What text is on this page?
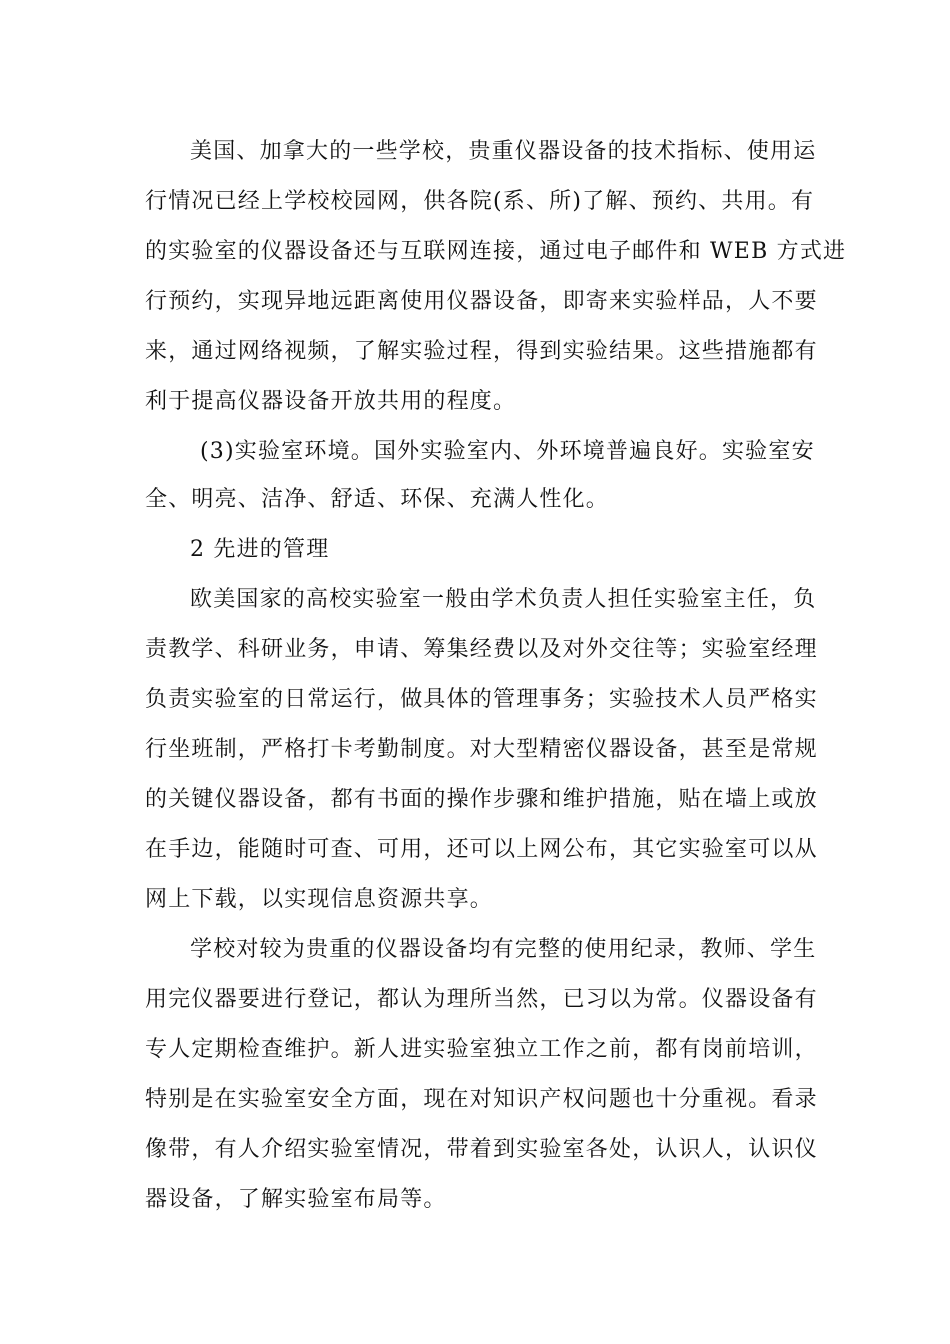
美国、加拿大的一些学校，贵重仪器设备的技术指标、使用运
行情况已经上学校校园网，供各院(系、所)了解、预约、共用。有
的实验室的仪器设备还与互联网连接，通过电子邮件和 WEB 方式进
行预约，实现异地远距离使用仪器设备，即寄来实验样品，人不要
来，通过网络视频，了解实验过程，得到实验结果。这些措施都有
利于提高仪器设备开放共用的程度。
(3)实验室环境。国外实验室内、外环境普遍良好。实验室安
全、明亮、洁净、舒适、环保、充满人性化。
2 先进的管理
欧美国家的高校实验室一般由学术负责人担任实验室主任，负
责教学、科研业务，申请、筹集经费以及对外交往等；实验室经理
负责实验室的日常运行，做具体的管理事务；实验技术人员严格实
行坐班制，严格打卡考勤制度。对大型精密仪器设备，甚至是常规
的关键仪器设备，都有书面的操作步骤和维护措施，贴在墙上或放
在手边，能随时可查、可用，还可以上网公布，其它实验室可以从
网上下载，以实现信息资源共享。
学校对较为贵重的仪器设备均有完整的使用纪录，教师、学生
用完仪器要进行登记，都认为理所当然，已习以为常。仪器设备有
专人定期检查维护。新人进实验室独立工作之前，都有岗前培训，
特别是在实验室安全方面，现在对知识产权问题也十分重视。看录
像带，有人介绍实验室情况，带着到实验室各处，认识人，认识仪
器设备，了解实验室布局等。
